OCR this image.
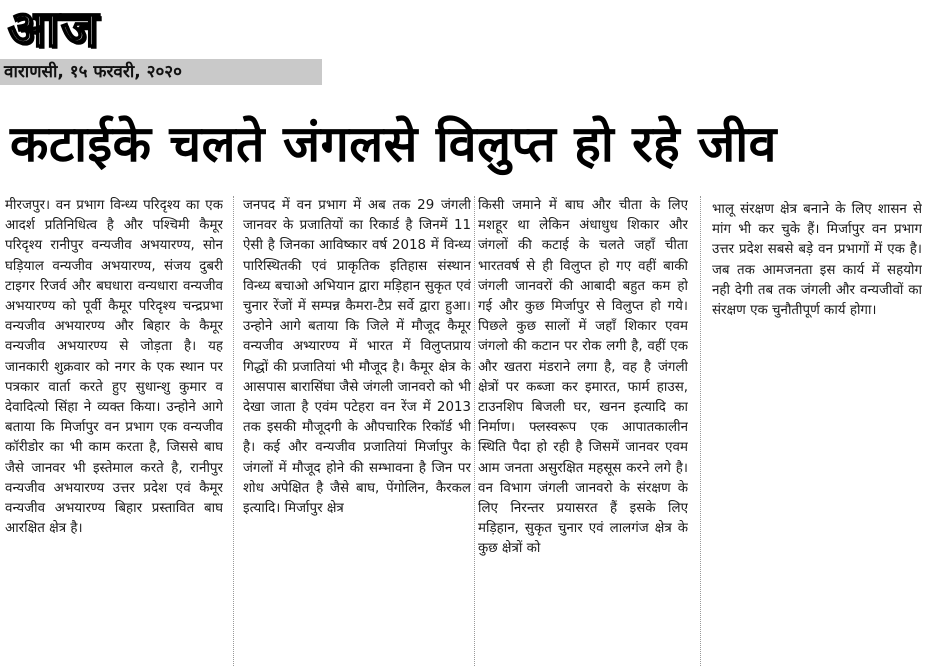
आज
वाराणसी, १५ फरवरी, २०२०
कटाईके चलते जंगलसे विलुप्त हो रहे जीव
मीरजपुर। वन प्रभाग विन्ध्य परिदृश्य का एक आदर्श प्रतिनिधित्व है और पश्चिमी कैमूर परिदृश्य रानीपुर वन्यजीव अभयारण्य, सोन घड़ियाल वन्यजीव अभयारण्य, संजय दुबरी टाइगर रिजर्व और बघधारा वन्यधारा वन्यजीव अभयारण्य को पूर्वी कैमूर परिदृश्य चन्द्रप्रभा वन्यजीव अभयारण्य और बिहार के कैमूर वन्यजीव अभयारण्य से जोड़ता है। यह जानकारी शुक्रवार को नगर के एक स्थान पर पत्रकार वार्ता करते हुए सुधान्शु कुमार व देवादित्यो सिंहा ने व्यक्त किया। उन्होने आगे बताया कि मिर्जापुर वन प्रभाग एक वन्यजीव कॉरीडोर का भी काम करता है, जिससे बाघ जैसे जानवर भी इस्तेमाल करते है, रानीपुर वन्यजीव अभयारण्य उत्तर प्रदेश एवं कैमूर वन्यजीव अभयारण्य बिहार प्रस्तावित बाघ आरक्षित क्षेत्र है।
जनपद में वन प्रभाग में अब तक 29 जंगली जानवर के प्रजातियों का रिकार्ड है जिनमें 11 ऐसी है जिनका आविष्कार वर्ष 2018 में विन्ध्य पारिस्थितकी एवं प्राकृतिक इतिहास संस्थान विन्ध्य बचाओ अभियान द्वारा मड़िहान सुकृत एवं चुनार रेंजों में सम्पन्न कैमरा-टैप्र सर्वे द्वारा हुआ। उन्होने आगे बताया कि जिले में मौजूद कैमूर वन्यजीव अभ्यारण्य में भारत में विलुप्तप्राय गिद्धों की प्रजातियां भी मौजूद है। कैमूर क्षेत्र के आसपास बारासिंघा जैसे जंगली जानवरो को भी देखा जाता है एवंम पटेहरा वन रेंज में 2013 तक इसकी मौजूदगी के औपचारिक रिकॉर्ड भी है। कई और वन्यजीव प्रजातियां मिर्जापुर के जंगलों में मौजूद होने की सम्भावना है जिन पर शोध अपेक्षित है जैसे बाघ, पेंगोलिन, कैरकल इत्यादि। मिर्जापुर क्षेत्र
किसी जमाने में बाघ और चीता के लिए मशहूर था लेकिन अंधाधुध शिकार और जंगलों की कटाई के चलते जहाँ चीता भारतवर्ष से ही विलुप्त हो गए वहीं बाकी जंगली जानवरों की आबादी बहुत कम हो गई और कुछ मिर्जापुर से विलुप्त हो गये। पिछले कुछ सालों में जहाँ शिकार एवम जंगलो की कटान पर रोक लगी है, वहीं एक और खतरा मंडराने लगा है, वह है जंगली क्षेत्रों पर कब्जा कर इमारत, फार्म हाउस, टाउनशिप बिजली घर, खनन इत्यादि का निर्माण। फ्लस्वरूप एक आपातकालीन स्थिति पैदा हो रही है जिसमें जानवर एवम आम जनता असुरक्षित महसूस करने लगे है। वन विभाग जंगली जानवरो के संरक्षण के लिए निरन्तर प्रयासरत हैं इसके लिए मड़िहान, सुकृत चुनार एवं लालगंज क्षेत्र के कुछ क्षेत्रों को
भालू संरक्षण क्षेत्र बनाने के लिए शासन से मांग भी कर चुके हैं। मिर्जापुर वन प्रभाग उत्तर प्रदेश सबसे बड़े वन प्रभागों में एक है। जब तक आमजनता इस कार्य में सहयोग नही देगी तब तक जंगली और वन्यजीवों का संरक्षण एक चुनौतीपूर्ण कार्य होगा।
